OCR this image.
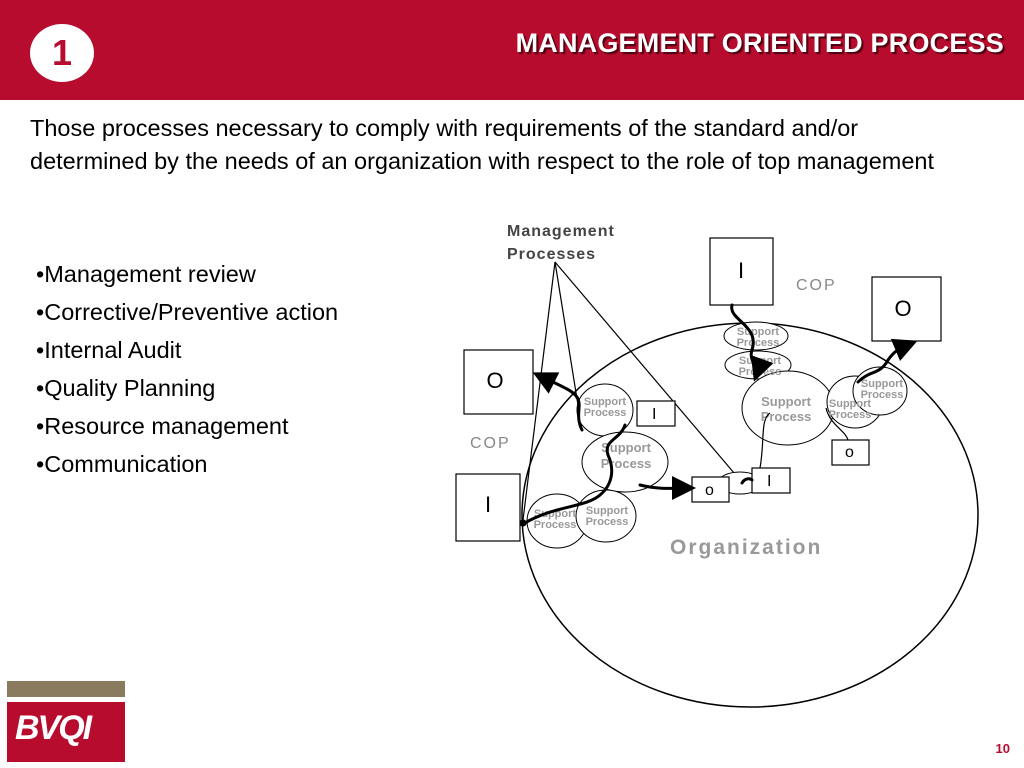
1	MANAGEMENT ORIENTED PROCESS
Those processes necessary to comply with requirements of the standard and/or determined by the needs of an organization with respect to the role of top management
• Management review
• Corrective/Preventive action
• Internal Audit
• Quality Planning
• Resource management
• Communication
Management
Processes
I
O
O
I
COP
COP
Organization
Support
Process
Support
Process
Support
Process
Support
Process
Support
Process
Support
Process
Support
Process
Support
Process
Support
Process
I
o
I
o
BVQI
10
